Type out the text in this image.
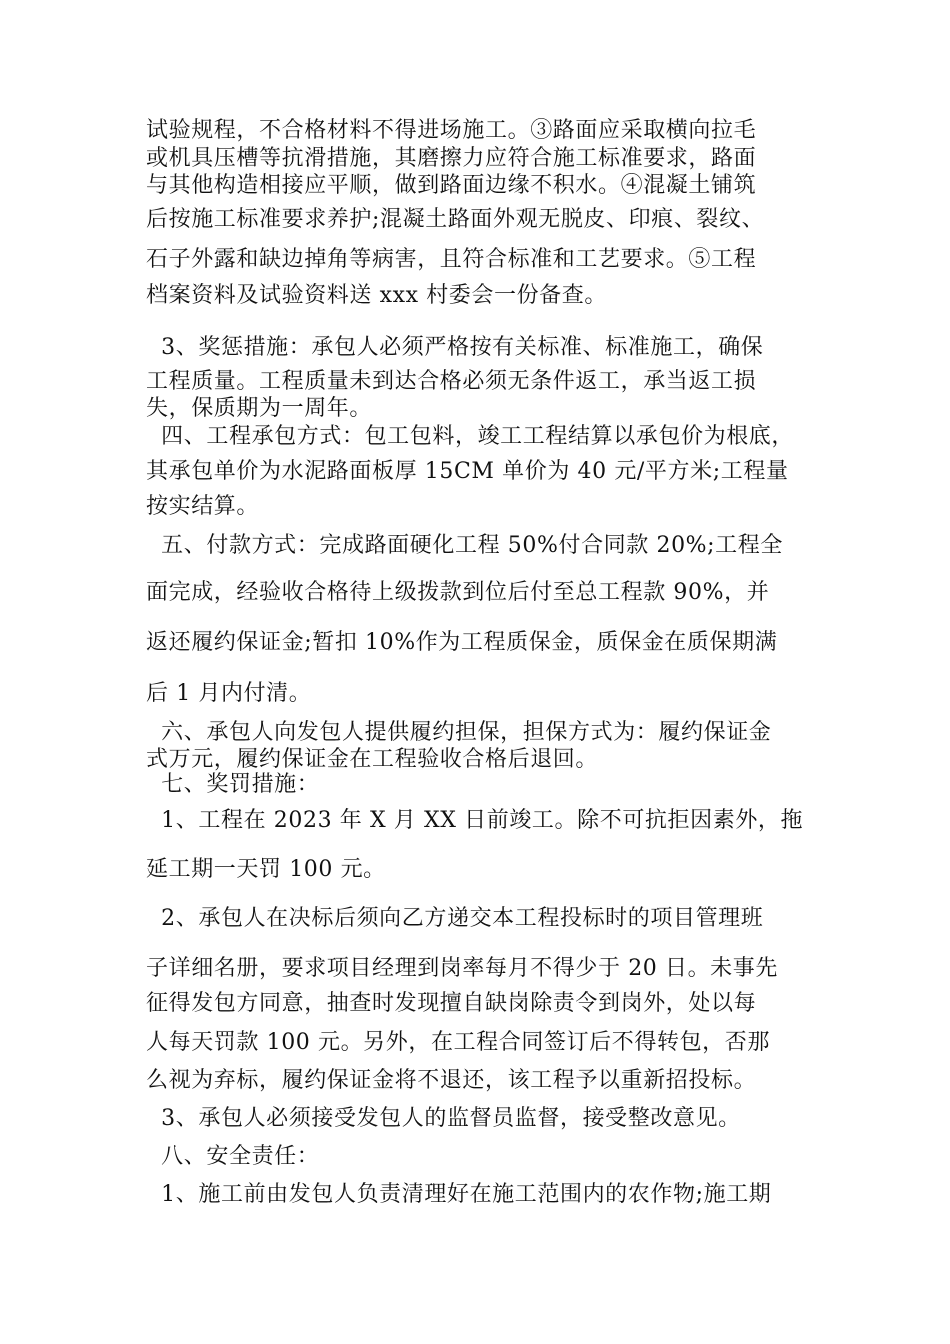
试验规程，不合格材料不得进场施工。③路面应采取横向拉毛
或机具压槽等抗滑措施，其磨擦力应符合施工标准要求，路面
与其他构造相接应平顺，做到路面边缘不积水。④混凝土铺筑
后按施工标准要求养护;混凝土路面外观无脱皮、印痕、裂纹、
石子外露和缺边掉角等病害，且符合标准和工艺要求。⑤工程
档案资料及试验资料送 xxx 村委会一份备查。
3、奖惩措施：承包人必须严格按有关标准、标准施工，确保
工程质量。工程质量未到达合格必须无条件返工，承当返工损
失，保质期为一周年。
四、工程承包方式：包工包料，竣工工程结算以承包价为根底，
其承包单价为水泥路面板厚 15CM 单价为 40 元/平方米;工程量
按实结算。
五、付款方式：完成路面硬化工程 50%付合同款 20%;工程全
面完成，经验收合格待上级拨款到位后付至总工程款 90%，并
返还履约保证金;暂扣 10%作为工程质保金，质保金在质保期满
后 1 月内付清。
六、承包人向发包人提供履约担保，担保方式为：履约保证金
式万元，履约保证金在工程验收合格后退回。
七、奖罚措施：
1、工程在 2023 年 X 月 XX 日前竣工。除不可抗拒因素外，拖
延工期一天罚 100 元。
2、承包人在决标后须向乙方递交本工程投标时的项目管理班
子详细名册，要求项目经理到岗率每月不得少于 20 日。未事先
征得发包方同意，抽查时发现擅自缺岗除责令到岗外，处以每
人每天罚款 100 元。另外，在工程合同签订后不得转包，否那
么视为弃标，履约保证金将不退还，该工程予以重新招投标。
3、承包人必须接受发包人的监督员监督，接受整改意见。
八、安全责任：
1、施工前由发包人负责清理好在施工范围内的农作物;施工期
